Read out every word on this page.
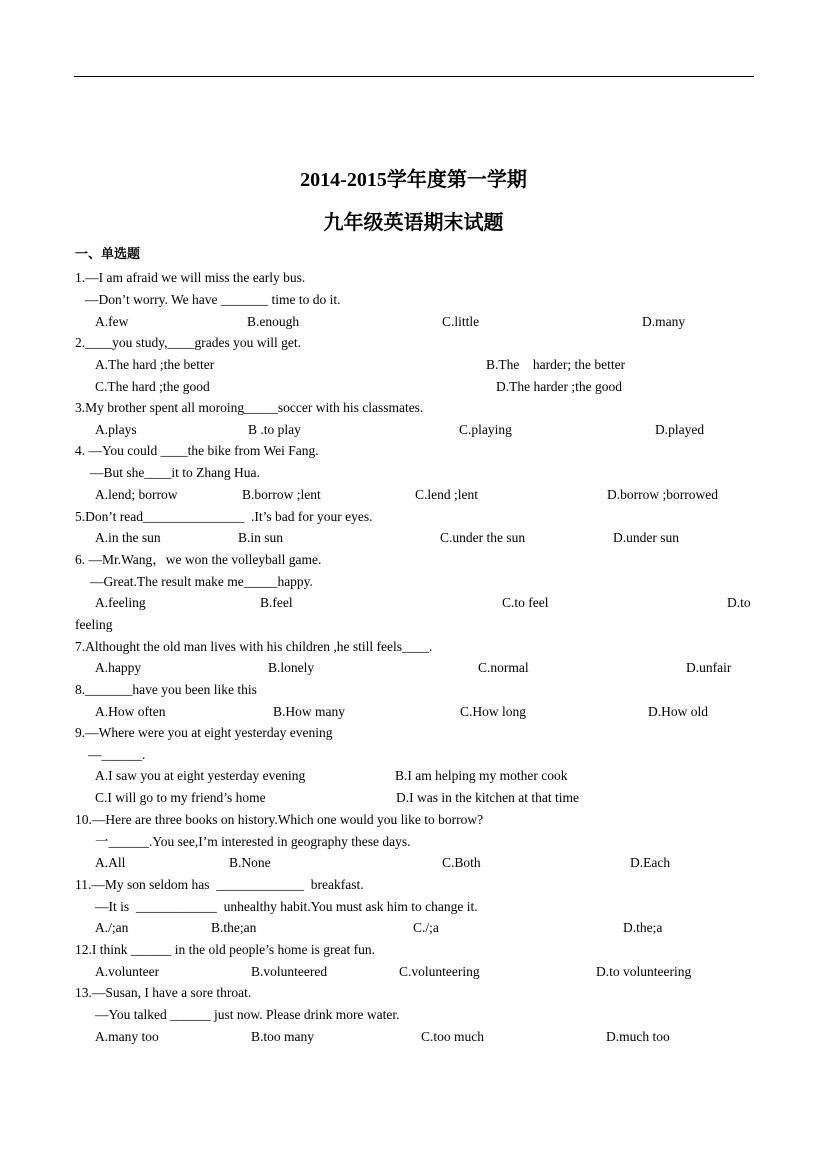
2014-2015学年度第一学期
九年级英语期末试题
一、单选题
1.—I am afraid we will miss the early bus.
—Don’t worry. We have _______ time to do it.
A.few	B.enough	C.little	D.many
2.____you study,____grades you will get.
A.The hard ;the better	B.The    harder; the better
C.The hard ;the good	D.The harder ;the good
3.My brother spent all moroing_____soccer with his classmates.
A.plays	B .to play	C.playing	D.played
4. —You could ____the bike from Wei Fang.
—But she____it to Zhang Hua.
A.lend; borrow	B.borrow ;lent	C.lend ;lent	D.borrow ;borrowed
5.Don’t read_______________  .It’s bad for your eyes.
A.in the sun	B.in sun	C.under the sun	D.under sun
6. —Mr.Wang，we won the volleyball game.
—Great.The result make me_____happy.
A.feeling	B.feel	C.to feel	D.to
feeling
7.Althought the old man lives with his children ,he still feels____.
A.happy	B.lonely	C.normal	D.unfair
8._______have you been like this
A.How often	B.How many	C.How long	D.How old
9.—Where were you at eight yesterday evening
—______.
A.I saw you at eight yesterday evening	B.I am helping my mother cook
C.I will go to my friend’s home	D.I was in the kitchen at that time
10.—Here are three books on history.Which one would you like to borrow?
一______.You see,I’m interested in geography these days.
A.All	B.None	C.Both	D.Each
11.—My son seldom has  _____________  breakfast.
—It is  ____________  unhealthy habit.You must ask him to change it.
A./;an	B.the;an	C./;a	D.the;a
12.I think ______ in the old people’s home is great fun.
A.volunteer	B.volunteered	C.volunteering	D.to volunteering
13.—Susan, I have a sore throat.
—You talked ______ just now. Please drink more water.
A.many too	B.too many	C.too much	D.much too
